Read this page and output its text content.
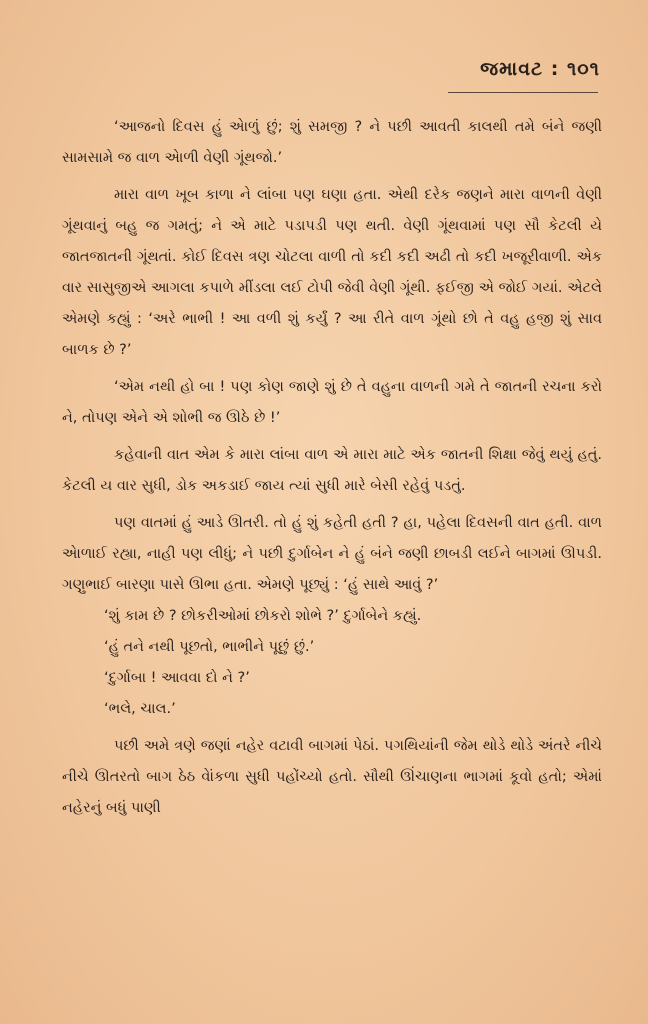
જમાવટ : ૧૦૧

‘આજનો દિવસ હું એાળું છું; શું સમજી ? ને પછી આવતી કાલથી તમે બંને જણી સામસામે જ વાળ એાળી વેણી ગૂંથજો.’

મારા વાળ ખૂબ કાળા ને લાંબા પણ ઘણા હતા. એથી દરેક જણને મારા વાળની વેણી ગૂંથવાનું બહુ જ ગમતું; ને એ માટે પડાપડી પણ થતી. વેણી ગૂંથવામાં પણ સૌ કેટલી યે જાતજાતની ગૂંથતાં. કોઈ દિવસ ત્રણ ચોટલા વાળી તો કદી કદી અઢી તો કદી ખજૂરીવાળી. એક વાર સાસુજીએ આગલા કપાળે મીંડલા લઈ ટોપી જેવી વેણી ગૂંથી. ફઈજી એ જોઈ ગયાં. એટલે એમણે કહ્યું : ‘અરે ભાભી ! આ વળી શું કર્યું ? આ રીતે વાળ ગૂંથો છો તે વહુ હજી શું સાવ બાળક છે ?’

‘એમ નથી હો બા ! પણ કોણ જાણે શું છે તે વહુના વાળની ગમે તે જાતની રચના કરો ને, તોપણ એને એ શોભી જ ઊઠે છે !’

કહેવાની વાત એમ કે મારા લાંબા વાળ એ મારા માટે એક જાતની શિક્ષા જેવું થયું હતું. કેટલી ય વાર સુધી, ડોક અકડાઈ જાય ત્યાં સુધી મારે બેસી રહેવું પડતું.

પણ વાતમાં હું આડે ઊતરી. તો હું શું કહેતી હતી ? હા, પહેલા દિવસની વાત હતી. વાળ એાળાઈ રહ્યા, નાહી પણ લીધું; ને પછી દુર્ગાબેન ને હું બંને જણી છાબડી લઈને બાગમાં ઊપડી. ગણુભાઈ બારણા પાસે ઊભા હતા. એમણે પૂછ્યું : ‘હું સાથે આવું ?’

‘શું કામ છે ? છોકરીઓમાં છોકરો શોભે ?’ દુર્ગાબેને કહ્યું.

‘હું તને નથી પૂછતો, ભાભીને પૂછું છું.’

‘દુર્ગાબા ! આવવા દો ને ?’

‘ભલે, ચાલ.’

પછી અમે ત્રણે જણાં નહેર વટાવી બાગમાં પેઠાં. પગથિયાંની જેમ થોડે થોડે અંતરે નીચે નીચે ઊતરતો બાગ ઠેઠ વેાંકળા સુધી પહોંચ્યો હતો. સૌથી ઊંચાણના ભાગમાં કૂવો હતો; એમાં નહેરનું બધું પાણી
